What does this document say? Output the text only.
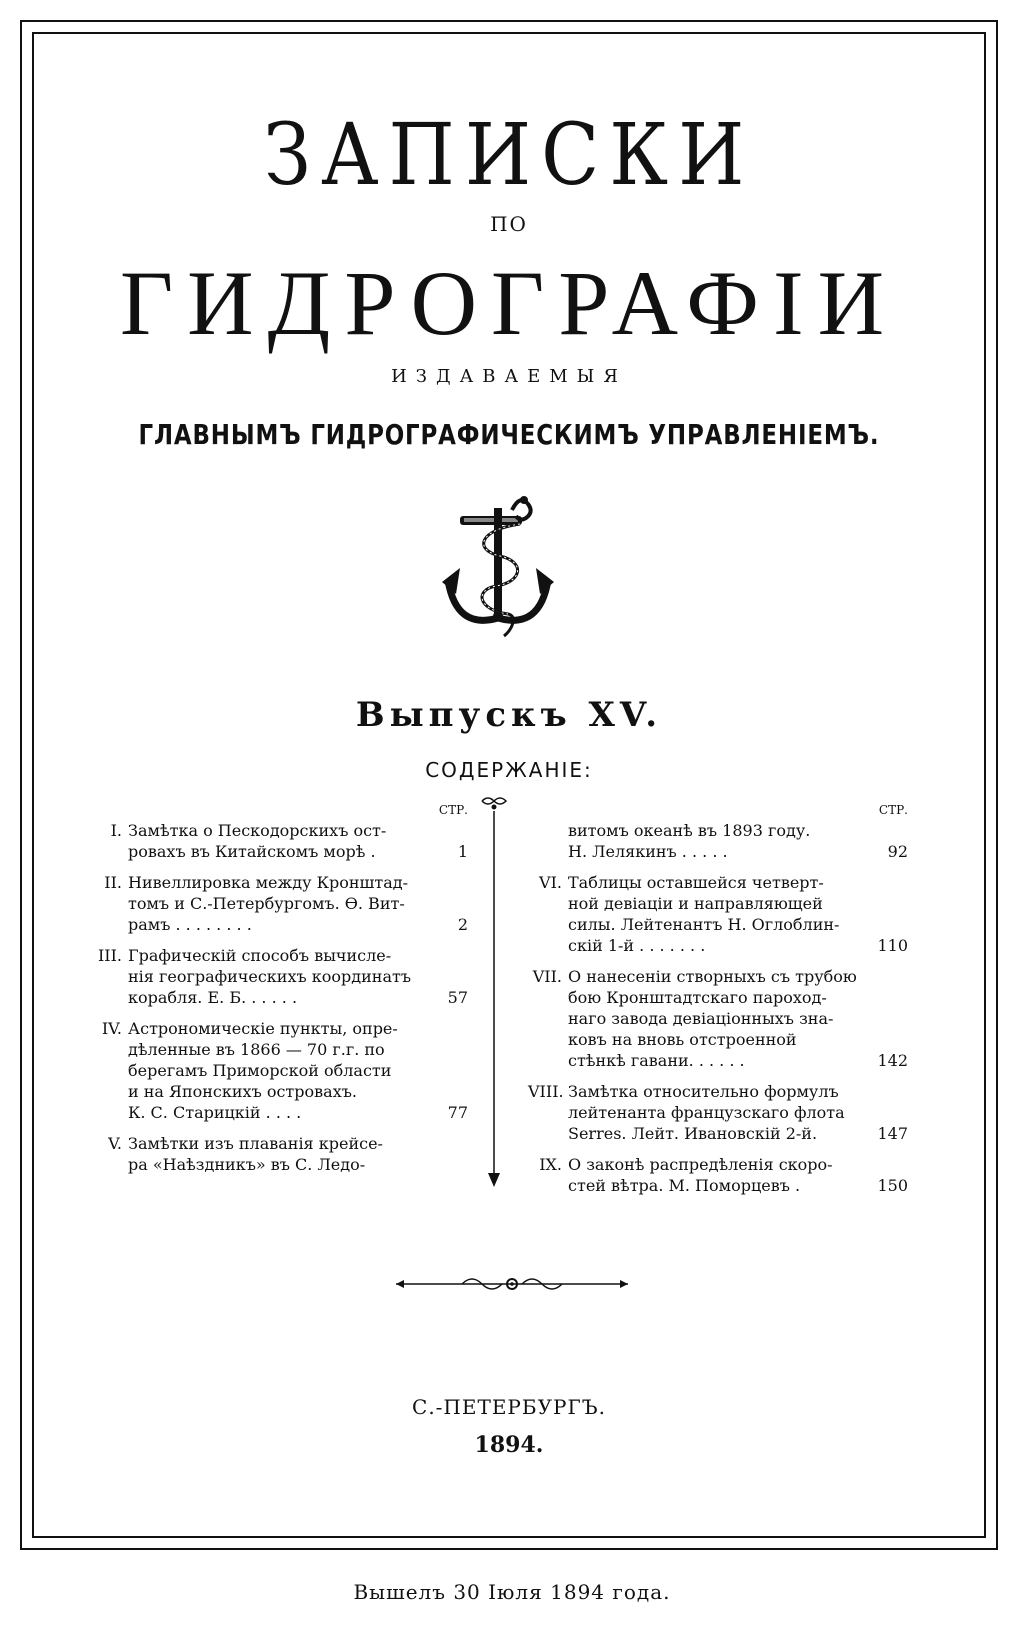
ЗАПИСКИ
ПО
ГИДРОГРАФІИ
ИЗДАВАЕМЫЯ
ГЛАВНЫМЪ ГИДРОГРАФИЧЕСКИМЪ УПРАВЛЕНІЕМЪ.
Выпускъ XV.
СОДЕРЖАНІЕ:
СТР.
I. Замѣтка о Пескодорскихъ ост-
ровахъ въ Китайскомъ морѣ .	1
II. Нивеллировка между Кронштад-
томъ и С.-Петербургомъ. Ѳ. Вит-
рамъ . . . . . . . .	2
III. Графическій способъ вычисле-
нія географическихъ координатъ
корабля. Е. Б. . . . . .	57
IV. Астрономическіе пункты, опре-
дѣленные въ 1866 — 70 г.г. по
берегамъ Приморской области
и на Японскихъ островахъ.
К. С. Старицкій . . . .	77
V. Замѣтки изъ плаванія крейсе-
ра «Наѣздникъ» въ С. Ледо-
СТР.
витомъ океанѣ въ 1893 году.
Н. Лелякинъ . . . . .	92
VI. Таблицы оставшейся четверт-
ной девіаціи и направляющей
силы. Лейтенантъ Н. Оглоблин-
скій 1-й . . . . . . .	110
VII. О нанесеніи створныхъ съ трубою
бою Кронштадтскаго пароход-
наго завода девіаціонныхъ зна-
ковъ на вновь отстроенной
стѣнкѣ гавани. . . . . .	142
VIII. Замѣтка относительно формулъ
лейтенанта французскаго флота
Serres. Лейт. Ивановскій 2-й.	147
IX. О законѣ распредѣленія скоро-
стей вѣтра. М. Поморцевъ .	150
С.-ПЕТЕРБУРГЪ.
1894.
Вышелъ 30 Іюля 1894 года.
